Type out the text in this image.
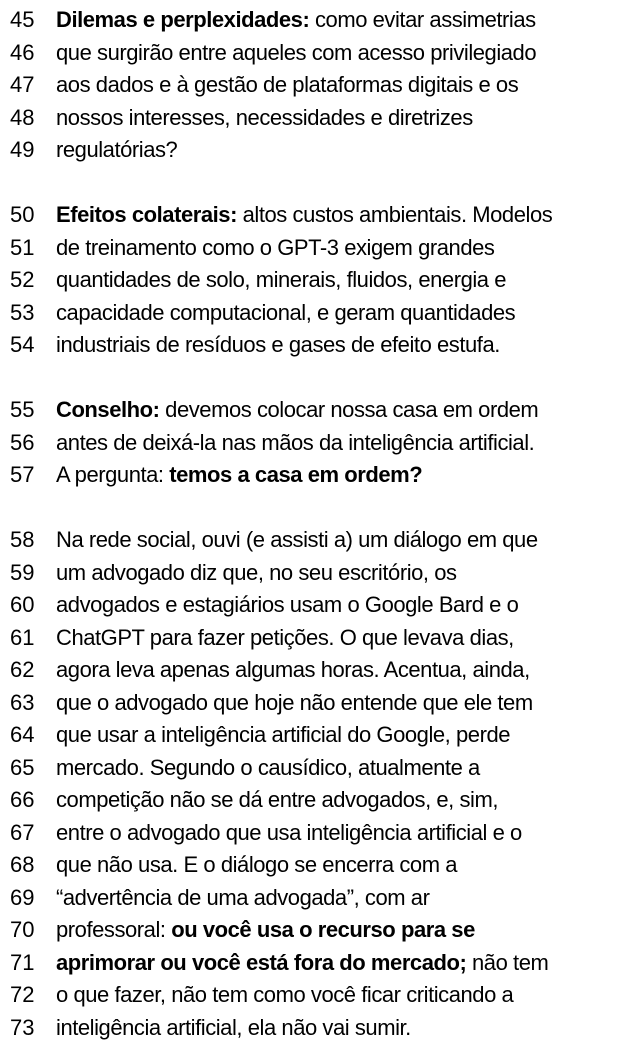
45 Dilemas e perplexidades: como evitar assimetrias
46 que surgirão entre aqueles com acesso privilegiado
47 aos dados e à gestão de plataformas digitais e os
48 nossos interesses, necessidades e diretrizes
49 regulatórias?
50 Efeitos colaterais: altos custos ambientais. Modelos
51 de treinamento como o GPT-3 exigem grandes
52 quantidades de solo, minerais, fluidos, energia e
53 capacidade computacional, e geram quantidades
54 industriais de resíduos e gases de efeito estufa.
55 Conselho: devemos colocar nossa casa em ordem
56 antes de deixá-la nas mãos da inteligência artificial.
57 A pergunta: temos a casa em ordem?
58 Na rede social, ouvi (e assisti a) um diálogo em que
59 um advogado diz que, no seu escritório, os
60 advogados e estagiários usam o Google Bard e o
61 ChatGPT para fazer petições. O que levava dias,
62 agora leva apenas algumas horas. Acentua, ainda,
63 que o advogado que hoje não entende que ele tem
64 que usar a inteligência artificial do Google, perde
65 mercado. Segundo o causídico, atualmente a
66 competição não se dá entre advogados, e, sim,
67 entre o advogado que usa inteligência artificial e o
68 que não usa. E o diálogo se encerra com a
69 “advertência de uma advogada”, com ar
70 professoral: ou você usa o recurso para se
71 aprimorar ou você está fora do mercado; não tem
72 o que fazer, não tem como você ficar criticando a
73 inteligência artificial, ela não vai sumir.
